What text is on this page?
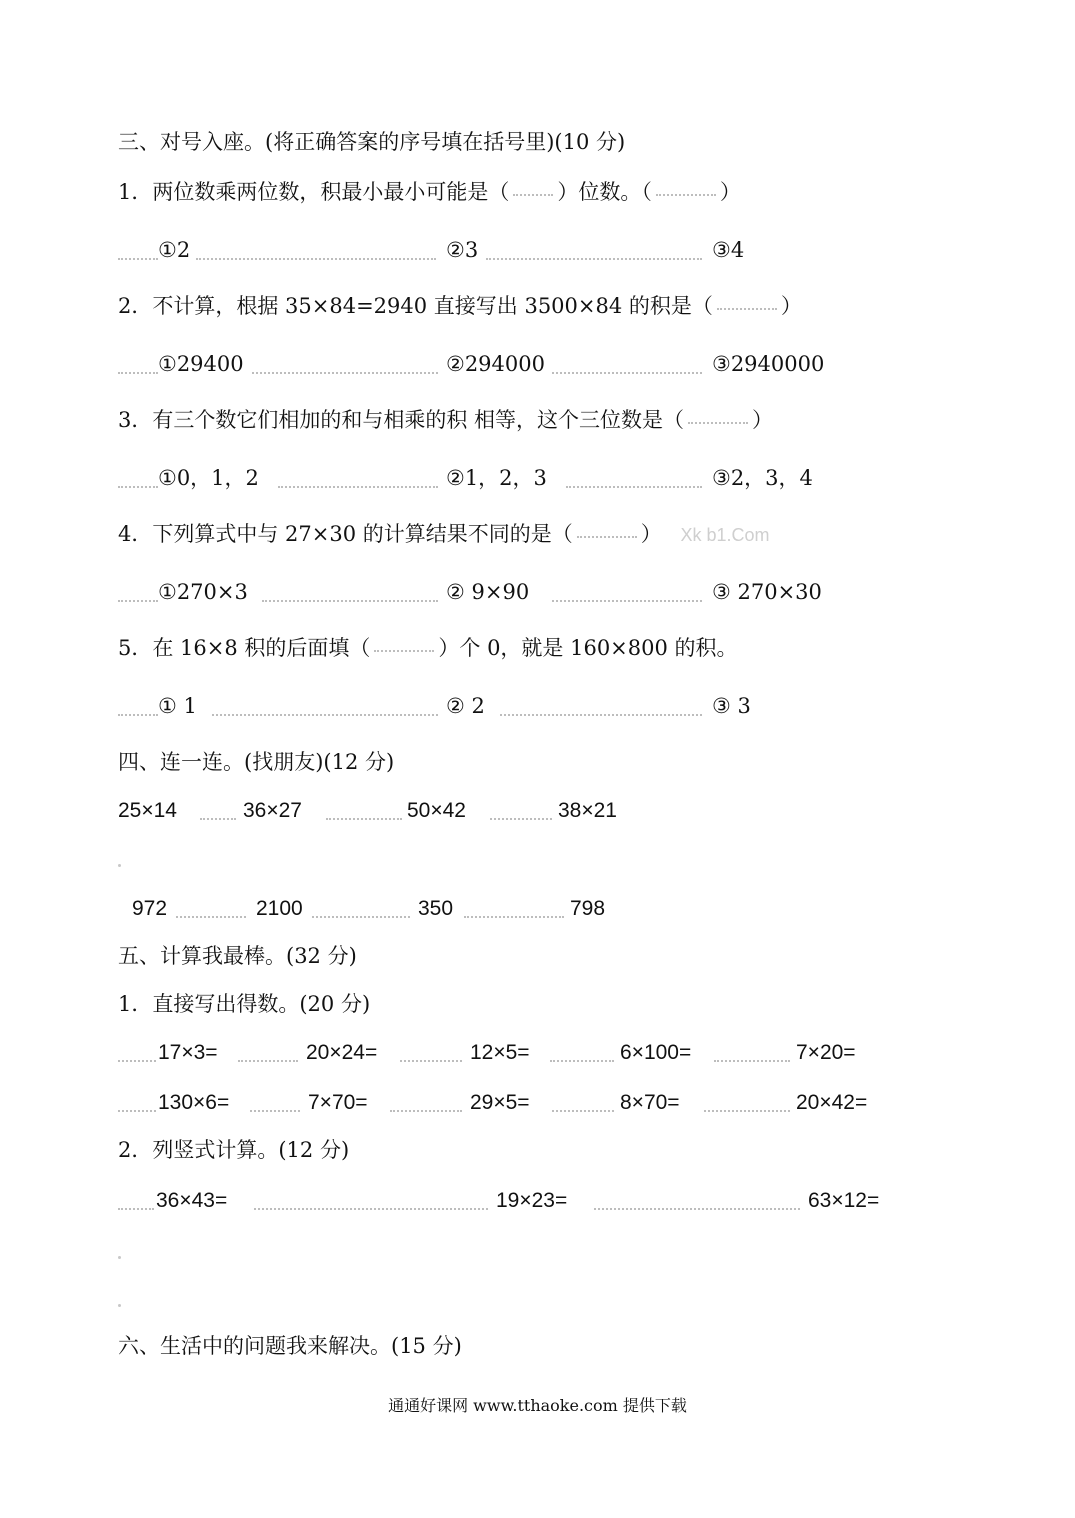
三、对号入座。(将正确答案的序号填在括号里)(10 分)
1．两位数乘两位数，积最小最小可能是（ ）位数。（	）
①2	②3	③4
2．不计算，根据 35×84=2940 直接写出 3500×84 的积是（	）
①29400	②294000	③2940000
3．有三个数它们相加的和与相乘的积 相等，这个三位数是（	）
①0，1，2	②1，2，3	③2，3，4
4．下列算式中与 27×30 的计算结果不同的是（	） Xk b1.Com
①270×3	② 9×90	③ 270×30
5．在 16×8 积的后面填（	）个 0，就是 160×800 的积。
① 1	② 2	③ 3
四、连一连。(找朋友)(12 分)
25×14	36×27	50×42	38×21
972	2100	350	798
五、计算我最棒。(32 分)
1．直接写出得数。(20 分)
17×3=	20×24=	12×5=	6×100=	7×20=
130×6=	7×70=	29×5=	8×70=	20×42=
2．列竖式计算。(12 分)
36×43=	19×23=	63×12=
六、生活中的问题我来解决。(15 分)
通通好课网 www.tthaoke.com 提供下载
